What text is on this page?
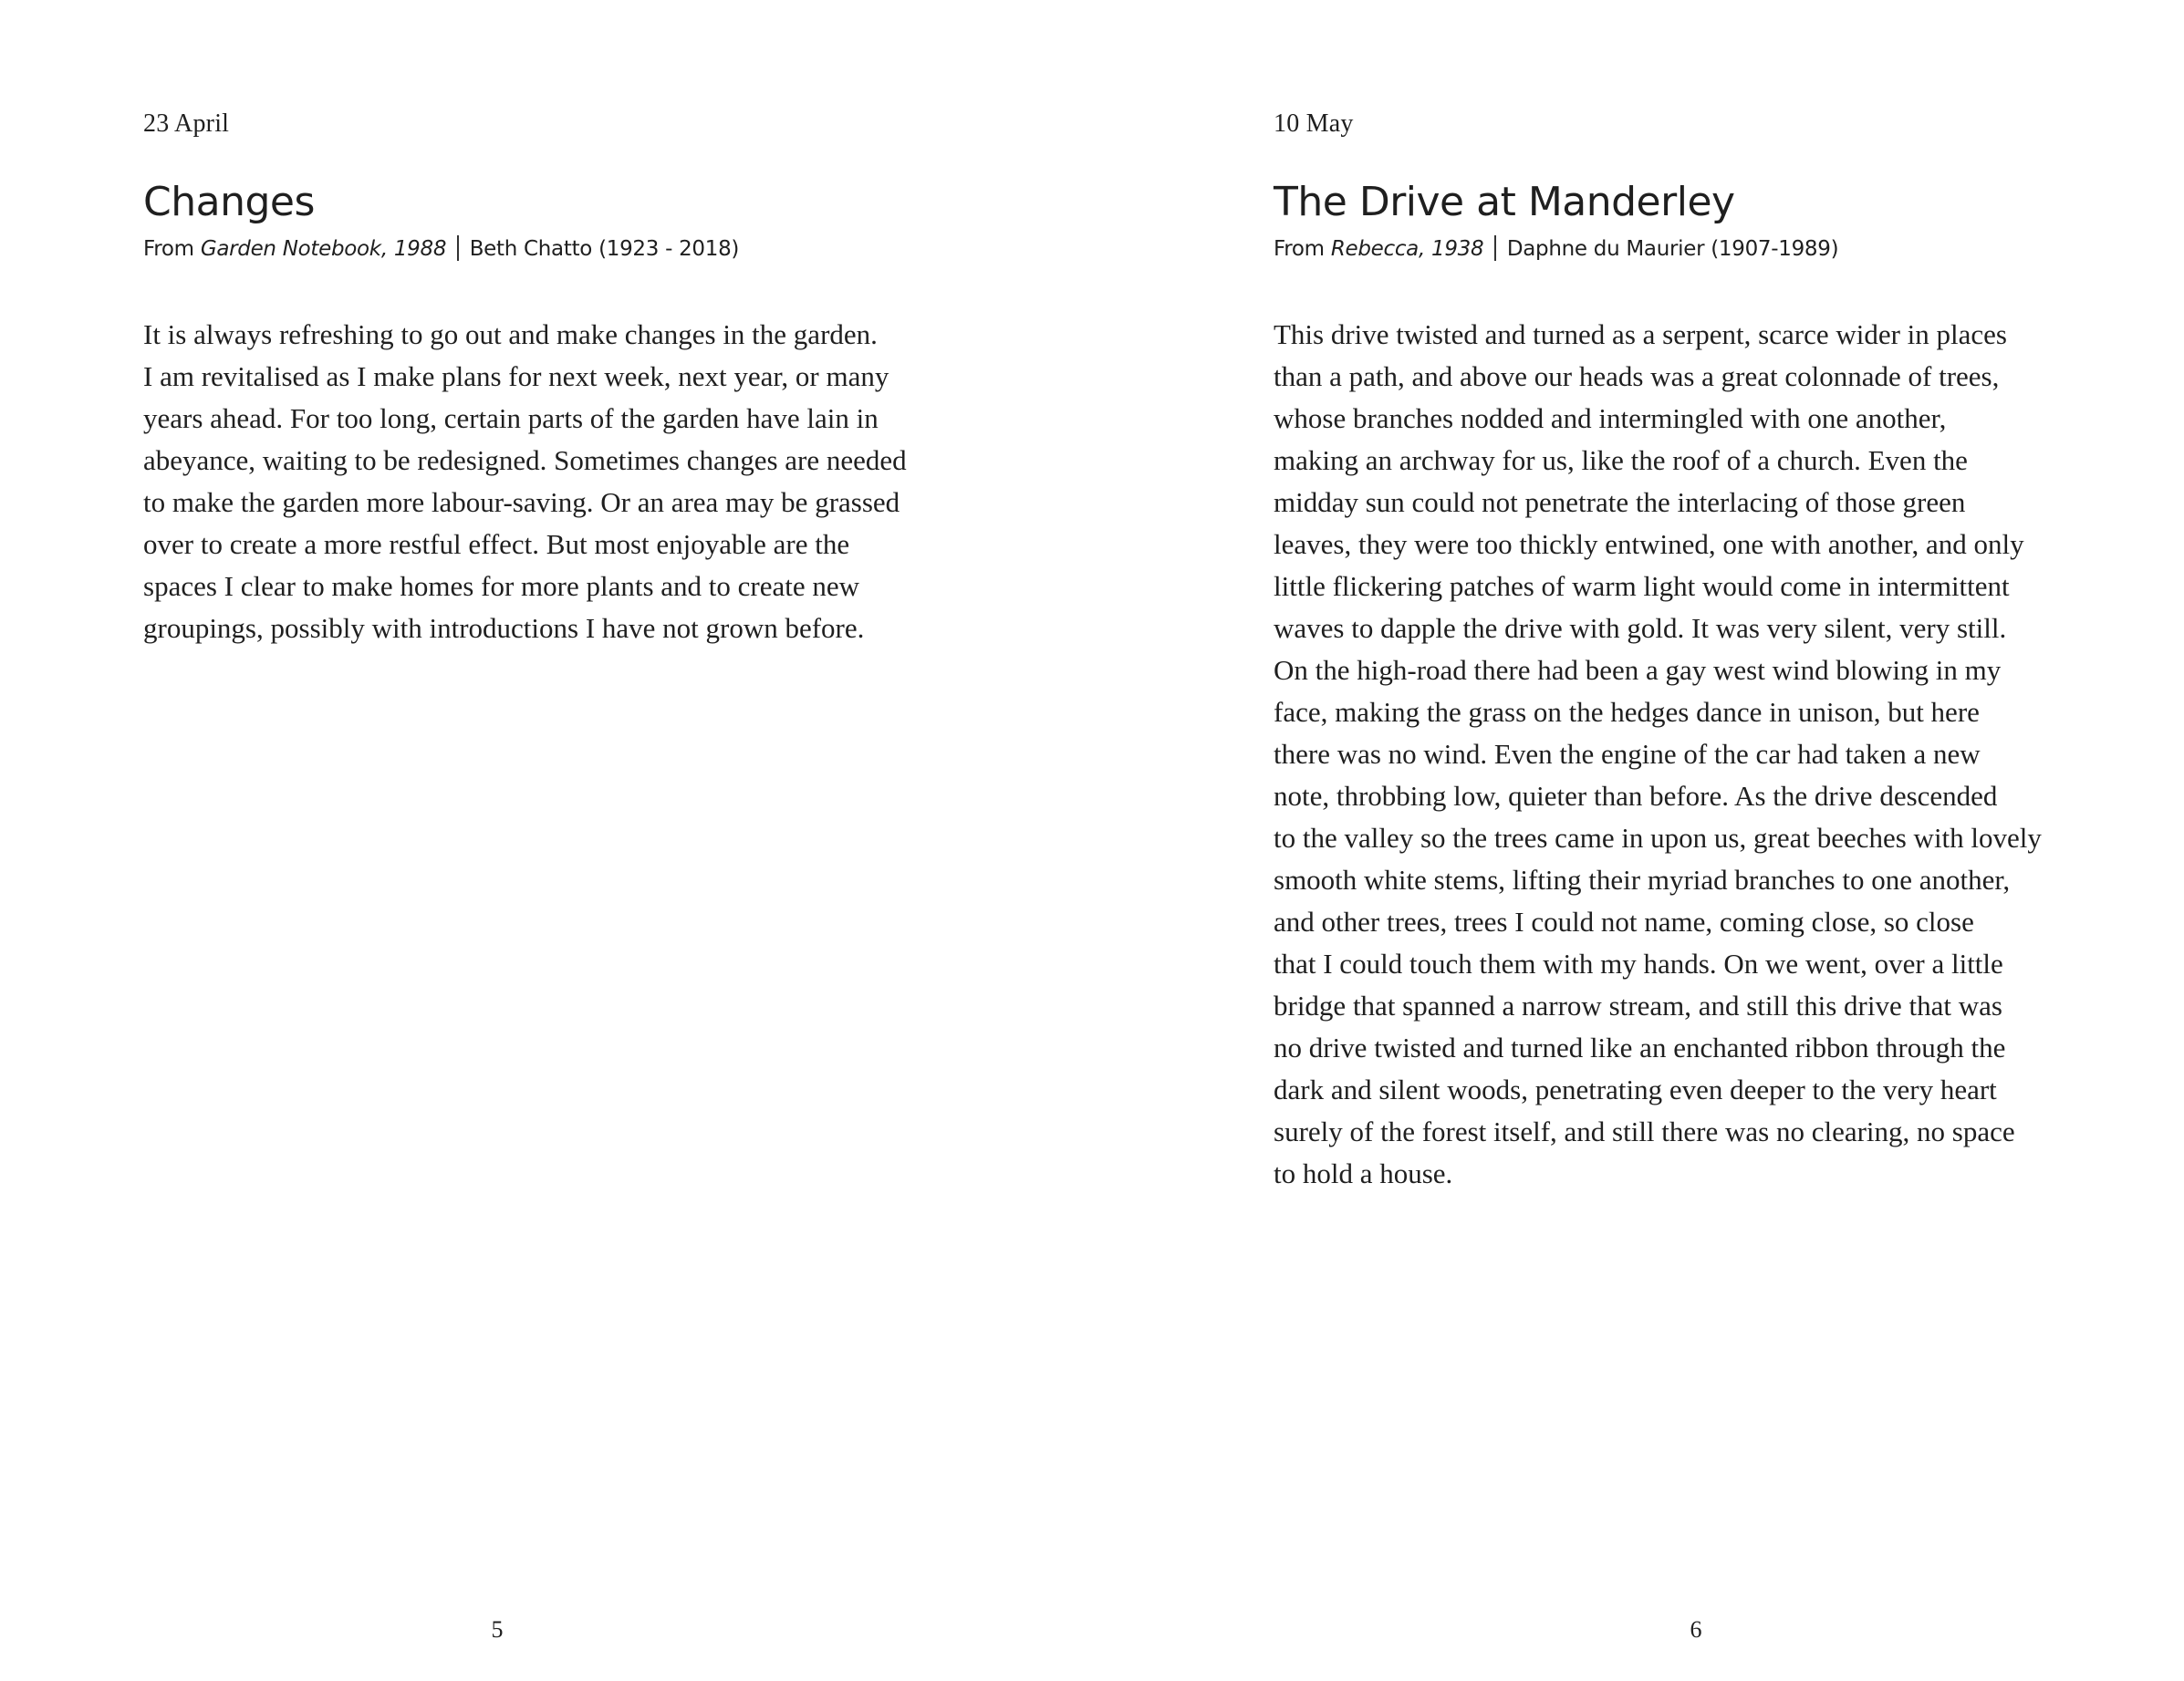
23 April
Changes
From Garden Notebook, 1988 Beth Chatto (1923 - 2018)

It is always refreshing to go out and make changes in the garden.
I am revitalised as I make plans for next week, next year, or many
years ahead. For too long, certain parts of the garden have lain in
abeyance, waiting to be redesigned. Sometimes changes are needed
to make the garden more labour-saving. Or an area may be grassed
over to create a more restful effect. But most enjoyable are the
spaces I clear to make homes for more plants and to create new
groupings, possibly with introductions I have not grown before.

5
10 May
The Drive at Manderley
From Rebecca, 1938 Daphne du Maurier (1907-1989)

This drive twisted and turned as a serpent, scarce wider in places
than a path, and above our heads was a great colonnade of trees,
whose branches nodded and intermingled with one another,
making an archway for us, like the roof of a church. Even the
midday sun could not penetrate the interlacing of those green
leaves, they were too thickly entwined, one with another, and only
little flickering patches of warm light would come in intermittent
waves to dapple the drive with gold. It was very silent, very still.
On the high-road there had been a gay west wind blowing in my
face, making the grass on the hedges dance in unison, but here
there was no wind. Even the engine of the car had taken a new
note, throbbing low, quieter than before. As the drive descended
to the valley so the trees came in upon us, great beeches with lovely
smooth white stems, lifting their myriad branches to one another,
and other trees, trees I could not name, coming close, so close
that I could touch them with my hands. On we went, over a little
bridge that spanned a narrow stream, and still this drive that was
no drive twisted and turned like an enchanted ribbon through the
dark and silent woods, penetrating even deeper to the very heart
surely of the forest itself, and still there was no clearing, no space
to hold a house.

6
